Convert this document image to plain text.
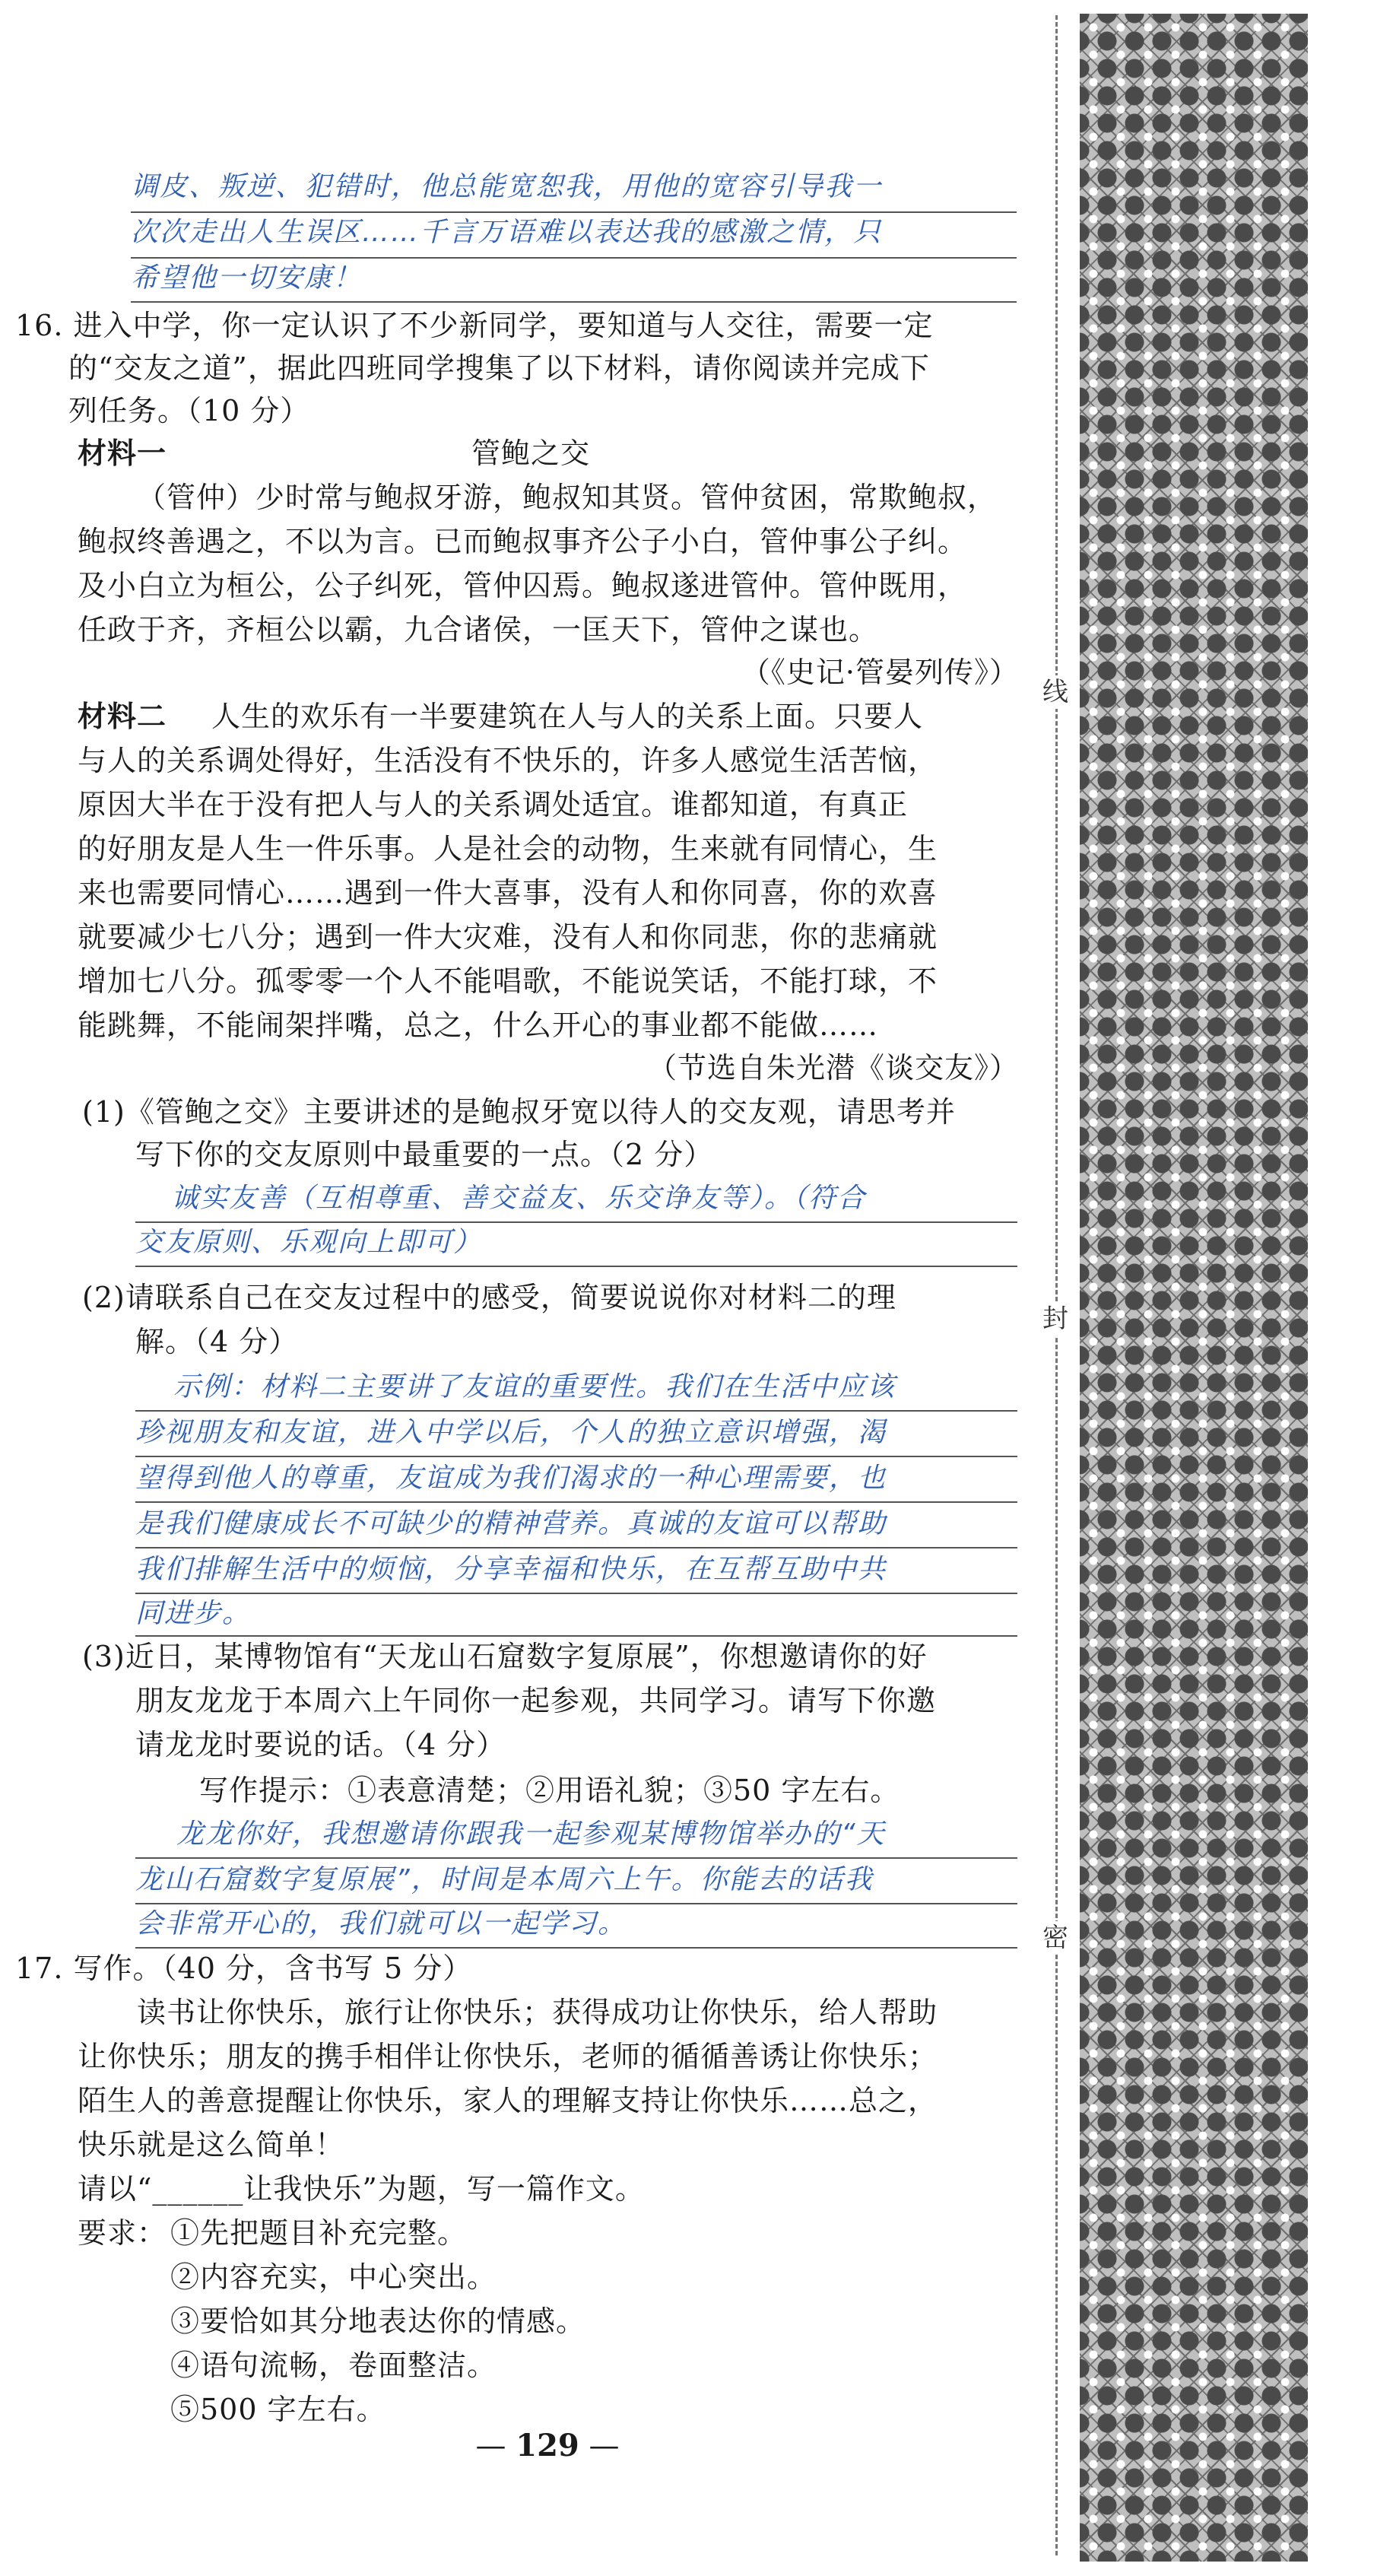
调皮、叛逆、犯错时，他总能宽恕我，用他的宽容引导我一

次次走出人生误区……千言万语难以表达我的感激之情，只

希望他一切安康！

16. 进入中学，你一定认识了不少新同学，要知道与人交往，需要一定

的“交友之道”，据此四班同学搜集了以下材料，请你阅读并完成下

列任务。（10 分）

材料一	管鲍之交

（管仲）少时常与鲍叔牙游，鲍叔知其贤。管仲贫困，常欺鲍叔，

鲍叔终善遇之，不以为言。已而鲍叔事齐公子小白，管仲事公子纠。

及小白立为桓公，公子纠死，管仲囚焉。鲍叔遂进管仲。管仲既用，

任政于齐，齐桓公以霸，九合诸侯，一匡天下，管仲之谋也。

（《史记·管晏列传》）

材料二 人生的欢乐有一半要建筑在人与人的关系上面。只要人

与人的关系调处得好，生活没有不快乐的，许多人感觉生活苦恼，

原因大半在于没有把人与人的关系调处适宜。谁都知道，有真正

的好朋友是人生一件乐事。人是社会的动物，生来就有同情心，生

来也需要同情心……遇到一件大喜事，没有人和你同喜，你的欢喜

就要减少七八分；遇到一件大灾难，没有人和你同悲，你的悲痛就

增加七八分。孤零零一个人不能唱歌，不能说笑话，不能打球，不

能跳舞，不能闹架拌嘴，总之，什么开心的事业都不能做……

（节选自朱光潜《谈交友》）

(1)《管鲍之交》主要讲述的是鲍叔牙宽以待人的交友观，请思考并

写下你的交友原则中最重要的一点。（2 分）

诚实友善（互相尊重、善交益友、乐交诤友等）。（符合

交友原则、乐观向上即可）

(2)请联系自己在交友过程中的感受，简要说说你对材料二的理

解。（4 分）

示例：材料二主要讲了友谊的重要性。我们在生活中应该

珍视朋友和友谊，进入中学以后，个人的独立意识增强，渴

望得到他人的尊重，友谊成为我们渴求的一种心理需要，也

是我们健康成长不可缺少的精神营养。真诚的友谊可以帮助

我们排解生活中的烦恼，分享幸福和快乐，在互帮互助中共

同进步。

(3)近日，某博物馆有“天龙山石窟数字复原展”，你想邀请你的好

朋友龙龙于本周六上午同你一起参观，共同学习。请写下你邀

请龙龙时要说的话。（4 分）

写作提示：①表意清楚；②用语礼貌；③50 字左右。

龙龙你好，我想邀请你跟我一起参观某博物馆举办的“天

龙山石窟数字复原展”，时间是本周六上午。你能去的话我

会非常开心的，我们就可以一起学习。

17. 写作。（40 分，含书写 5 分）

读书让你快乐，旅行让你快乐；获得成功让你快乐，给人帮助

让你快乐；朋友的携手相伴让你快乐，老师的循循善诱让你快乐；

陌生人的善意提醒让你快乐，家人的理解支持让你快乐……总之，

快乐就是这么简单！

请以“______让我快乐”为题，写一篇作文。

要求： ①先把题目补充完整。

②内容充实，中心突出。

③要恰如其分地表达你的情感。

④语句流畅，卷面整洁。

⑤500 字左右。

— 129 —
线
封
密
